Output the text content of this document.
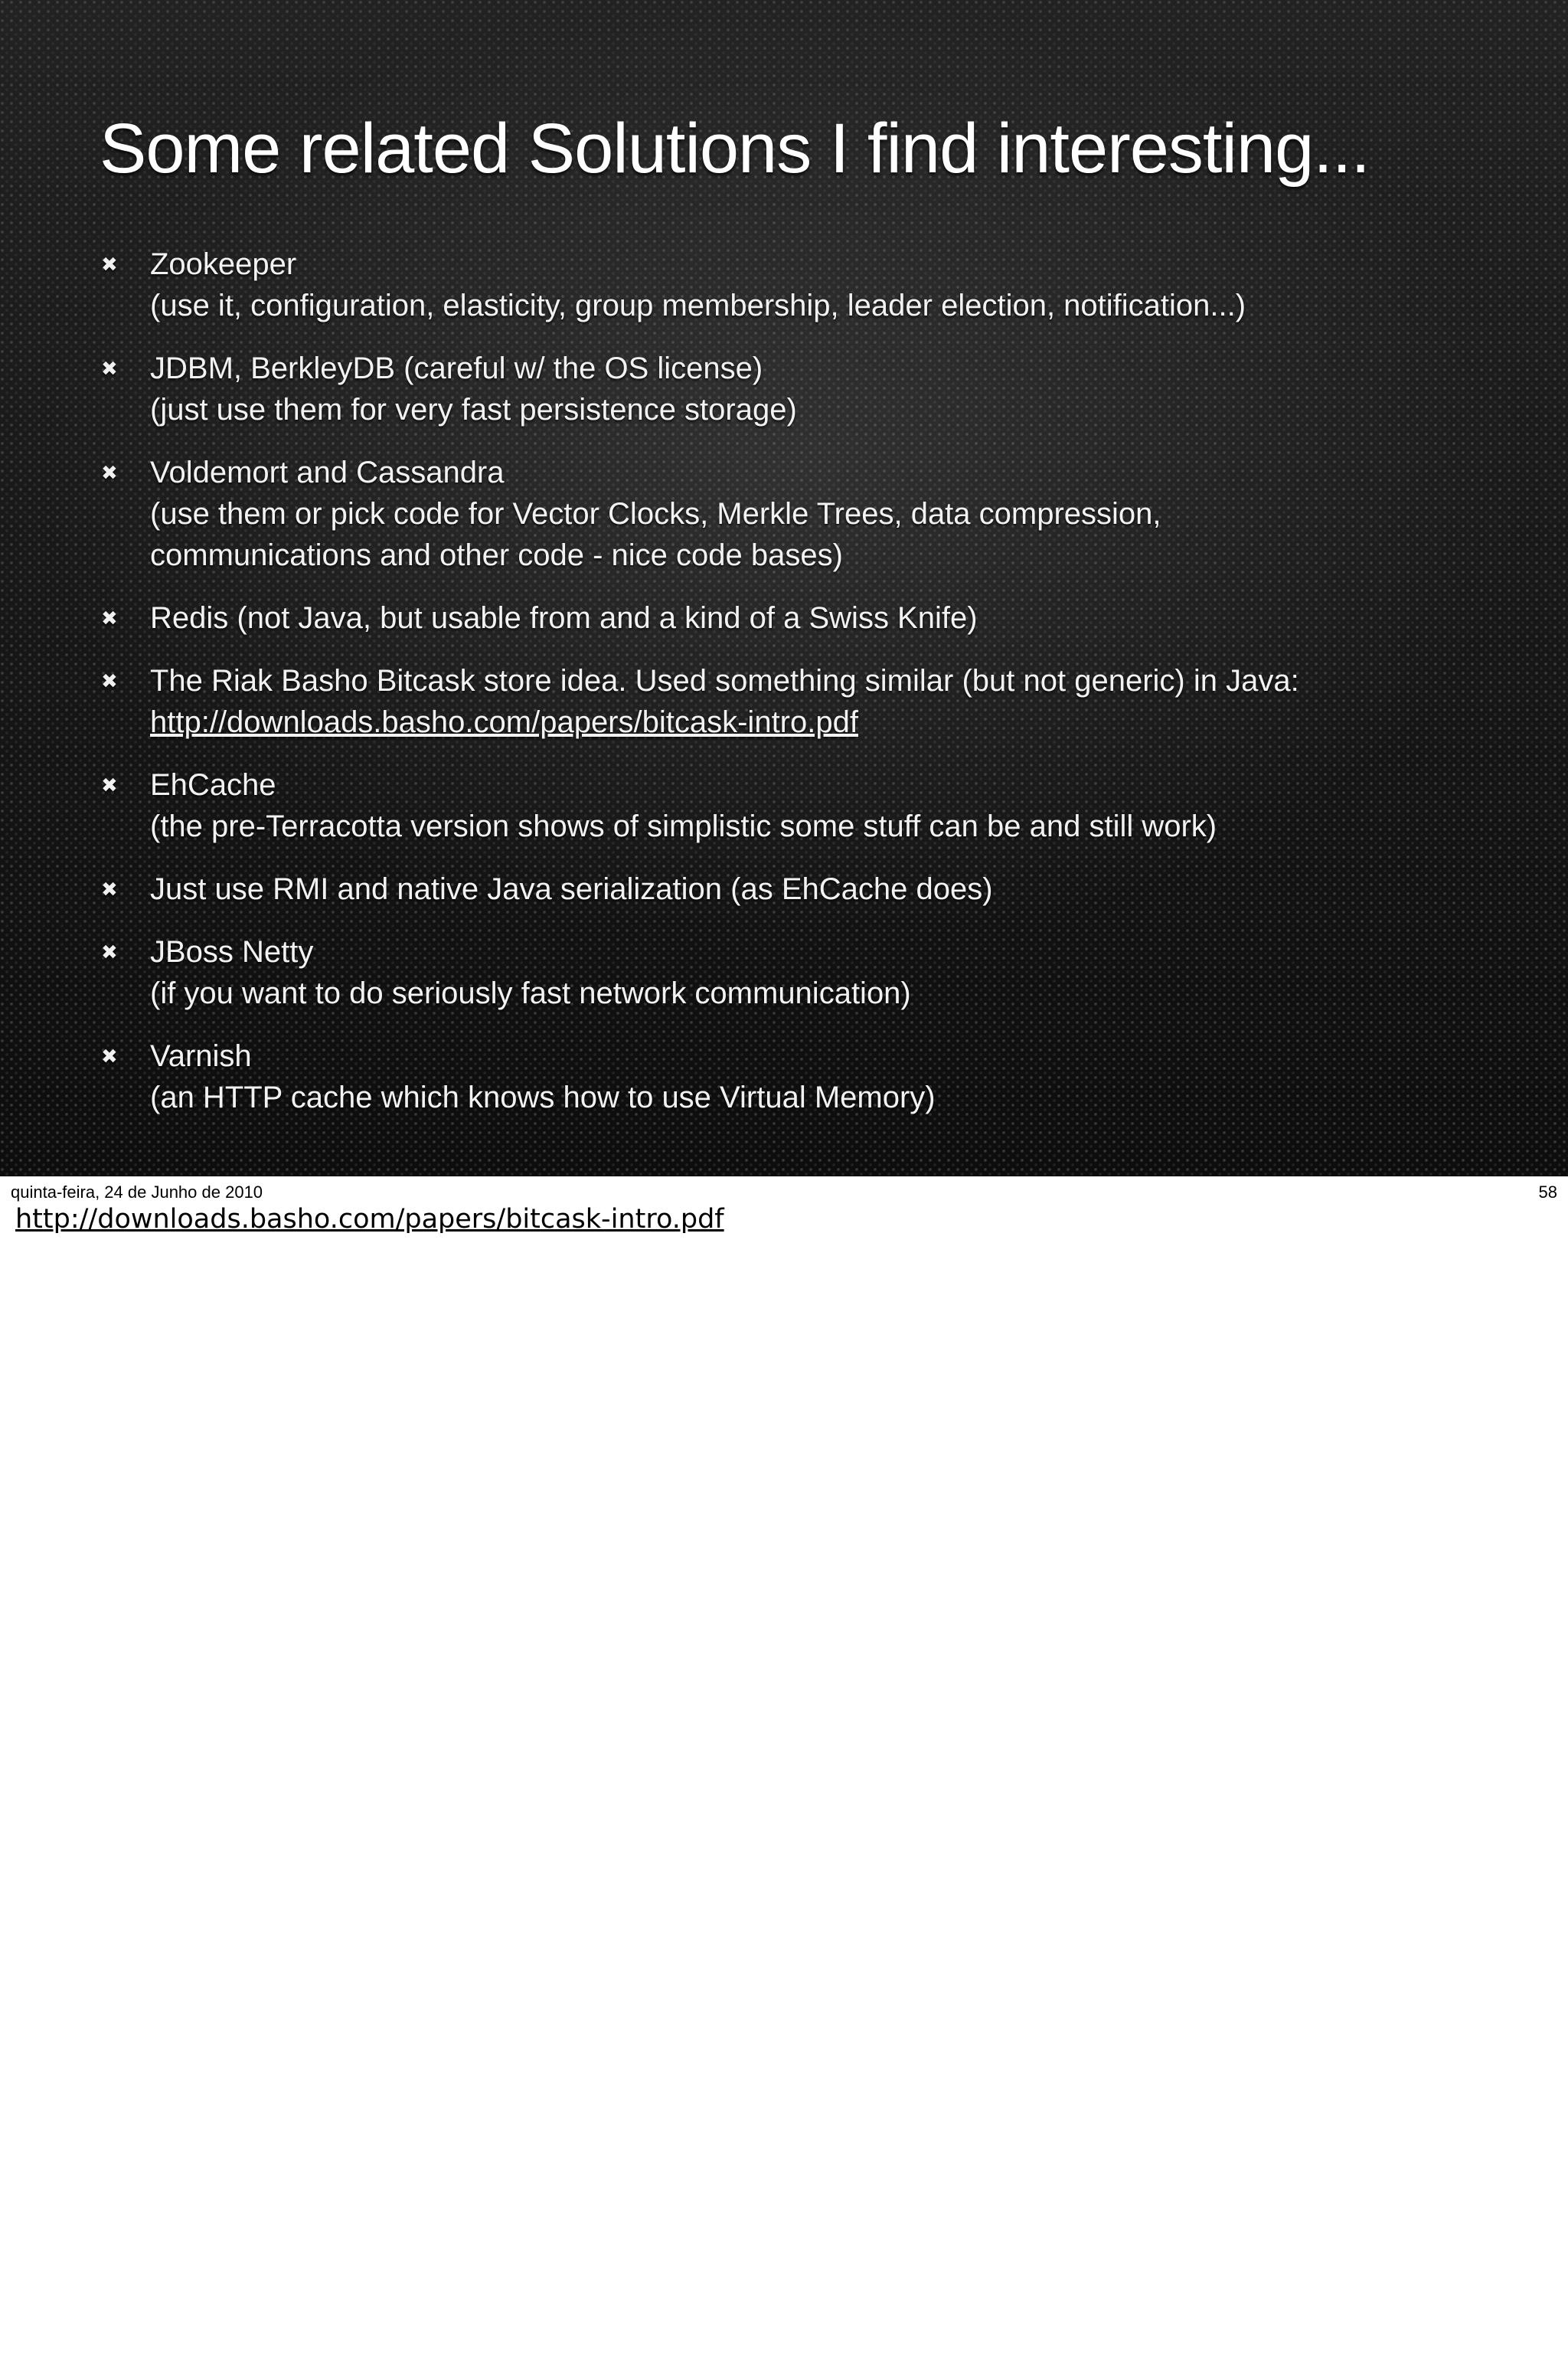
Some related Solutions I find interesting...
✖ Zookeeper
(use it, configuration, elasticity, group membership, leader election, notification...)
✖ JDBM, BerkleyDB (careful w/ the OS license)
(just use them for very fast persistence storage)
✖ Voldemort and Cassandra
(use them or pick code for Vector Clocks, Merkle Trees, data compression,
communications and other code - nice code bases)
✖ Redis (not Java, but usable from and a kind of a Swiss Knife)
✖ The Riak Basho Bitcask store idea. Used something similar (but not generic) in Java:
http://downloads.basho.com/papers/bitcask-intro.pdf
✖ EhCache
(the pre-Terracotta version shows of simplistic some stuff can be and still work)
✖ Just use RMI and native Java serialization (as EhCache does)
✖ JBoss Netty
(if you want to do seriously fast network communication)
✖ Varnish
(an HTTP cache which knows how to use Virtual Memory)
quinta-feira, 24 de Junho de 2010	58
http://downloads.basho.com/papers/bitcask-intro.pdf
